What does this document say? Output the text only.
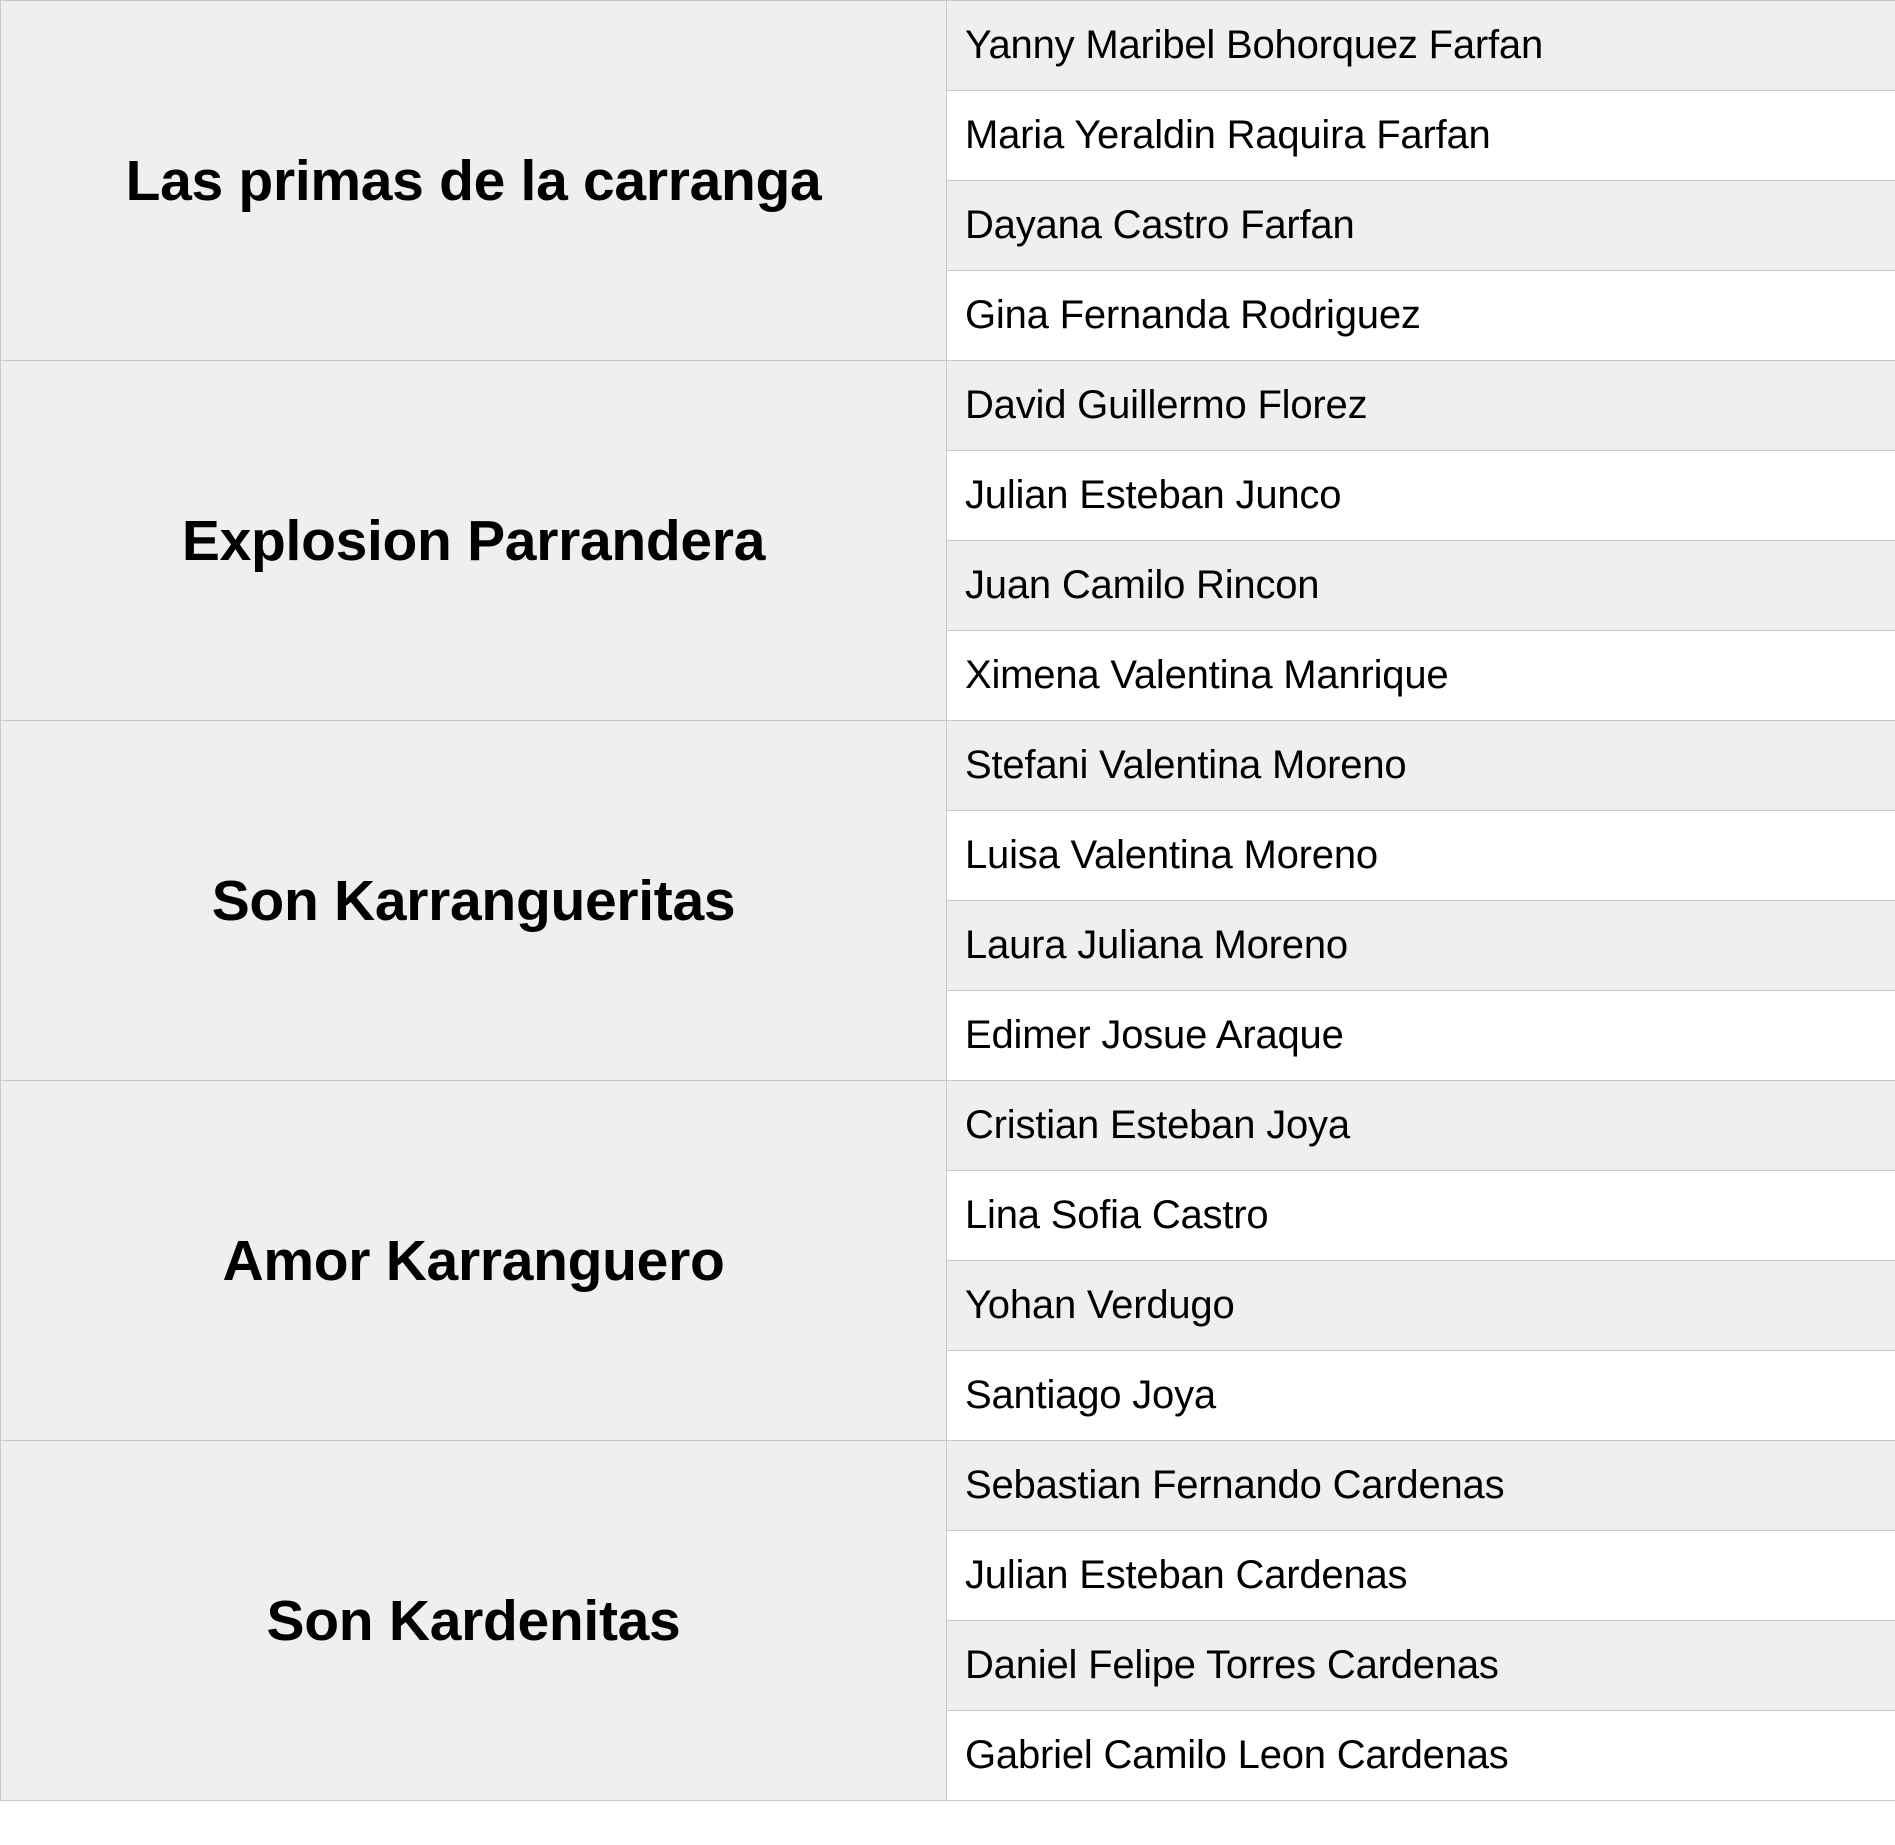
Las primas de la carranga	Yanny Maribel Bohorquez Farfan
	Maria Yeraldin Raquira Farfan
	Dayana Castro Farfan
	Gina Fernanda Rodriguez
Explosion Parrandera	David Guillermo Florez
	Julian Esteban Junco
	Juan Camilo Rincon
	Ximena Valentina Manrique
Son Karrangueritas	Stefani Valentina Moreno
	Luisa Valentina Moreno
	Laura Juliana Moreno
	Edimer Josue Araque
Amor Karranguero	Cristian Esteban Joya
	Lina Sofia Castro
	Yohan Verdugo
	Santiago Joya
Son Kardenitas	Sebastian Fernando Cardenas
	Julian Esteban Cardenas
	Daniel Felipe Torres Cardenas
	Gabriel Camilo Leon Cardenas
